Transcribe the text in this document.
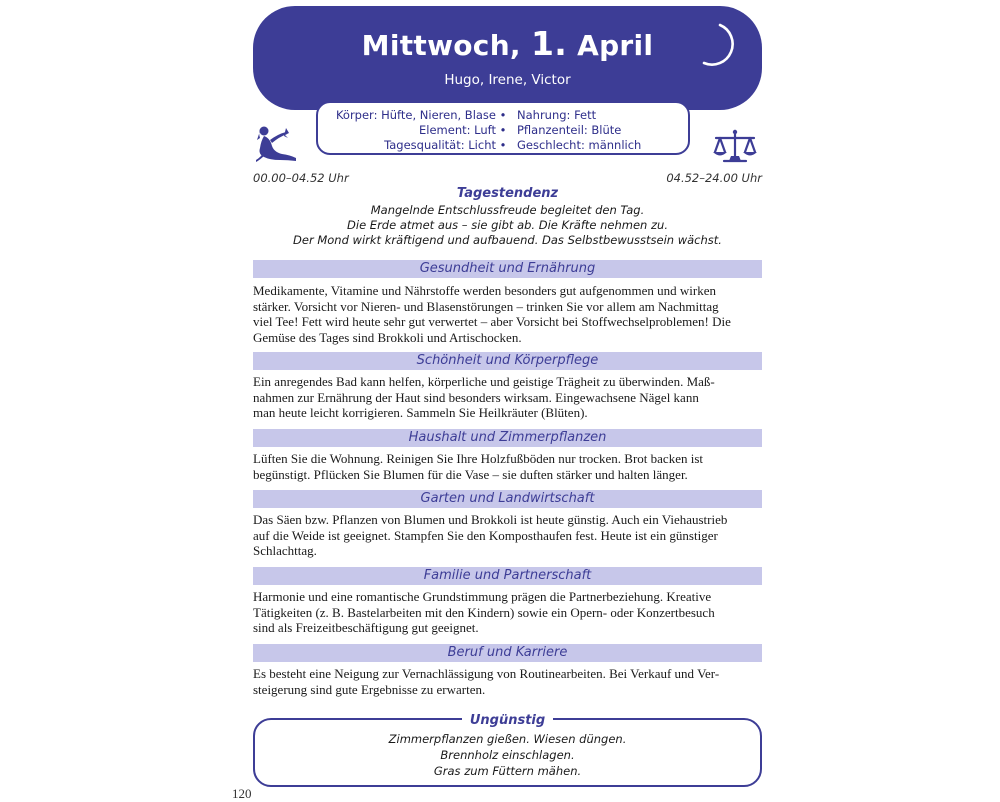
Mittwoch, 1. April
Hugo, Irene, Victor
Körper: Hüfte, Nieren, Blase • Nahrung: Fett
Element: Luft • Pflanzenteil: Blüte
Tagesqualität: Licht • Geschlecht: männlich
00.00–04.52 Uhr	04.52–24.00 Uhr
Tagestendenz
Mangelnde Entschlussfreude begleitet den Tag.
Die Erde atmet aus – sie gibt ab. Die Kräfte nehmen zu.
Der Mond wirkt kräftigend und aufbauend. Das Selbstbewusstsein wächst.
Gesundheit und Ernährung
Medikamente, Vitamine und Nährstoffe werden besonders gut aufgenommen und wirken
stärker. Vorsicht vor Nieren- und Blasenstörungen – trinken Sie vor allem am Nachmittag
viel Tee! Fett wird heute sehr gut verwertet – aber Vorsicht bei Stoffwechselproblemen! Die
Gemüse des Tages sind Brokkoli und Artischocken.
Schönheit und Körperpflege
Ein anregendes Bad kann helfen, körperliche und geistige Trägheit zu überwinden. Maß-
nahmen zur Ernährung der Haut sind besonders wirksam. Eingewachsene Nägel kann
man heute leicht korrigieren. Sammeln Sie Heilkräuter (Blüten).
Haushalt und Zimmerpflanzen
Lüften Sie die Wohnung. Reinigen Sie Ihre Holzfußböden nur trocken. Brot backen ist
begünstigt. Pflücken Sie Blumen für die Vase – sie duften stärker und halten länger.
Garten und Landwirtschaft
Das Säen bzw. Pflanzen von Blumen und Brokkoli ist heute günstig. Auch ein Viehaustrieb
auf die Weide ist geeignet. Stampfen Sie den Komposthaufen fest. Heute ist ein günstiger
Schlachttag.
Familie und Partnerschaft
Harmonie und eine romantische Grundstimmung prägen die Partnerbeziehung. Kreative
Tätigkeiten (z. B. Bastelarbeiten mit den Kindern) sowie ein Opern- oder Konzertbesuch
sind als Freizeitbeschäftigung gut geeignet.
Beruf und Karriere
Es besteht eine Neigung zur Vernachlässigung von Routinearbeiten. Bei Verkauf und Ver-
steigerung sind gute Ergebnisse zu erwarten.
Ungünstig
Zimmerpflanzen gießen. Wiesen düngen.
Brennholz einschlagen.
Gras zum Füttern mähen.
120
